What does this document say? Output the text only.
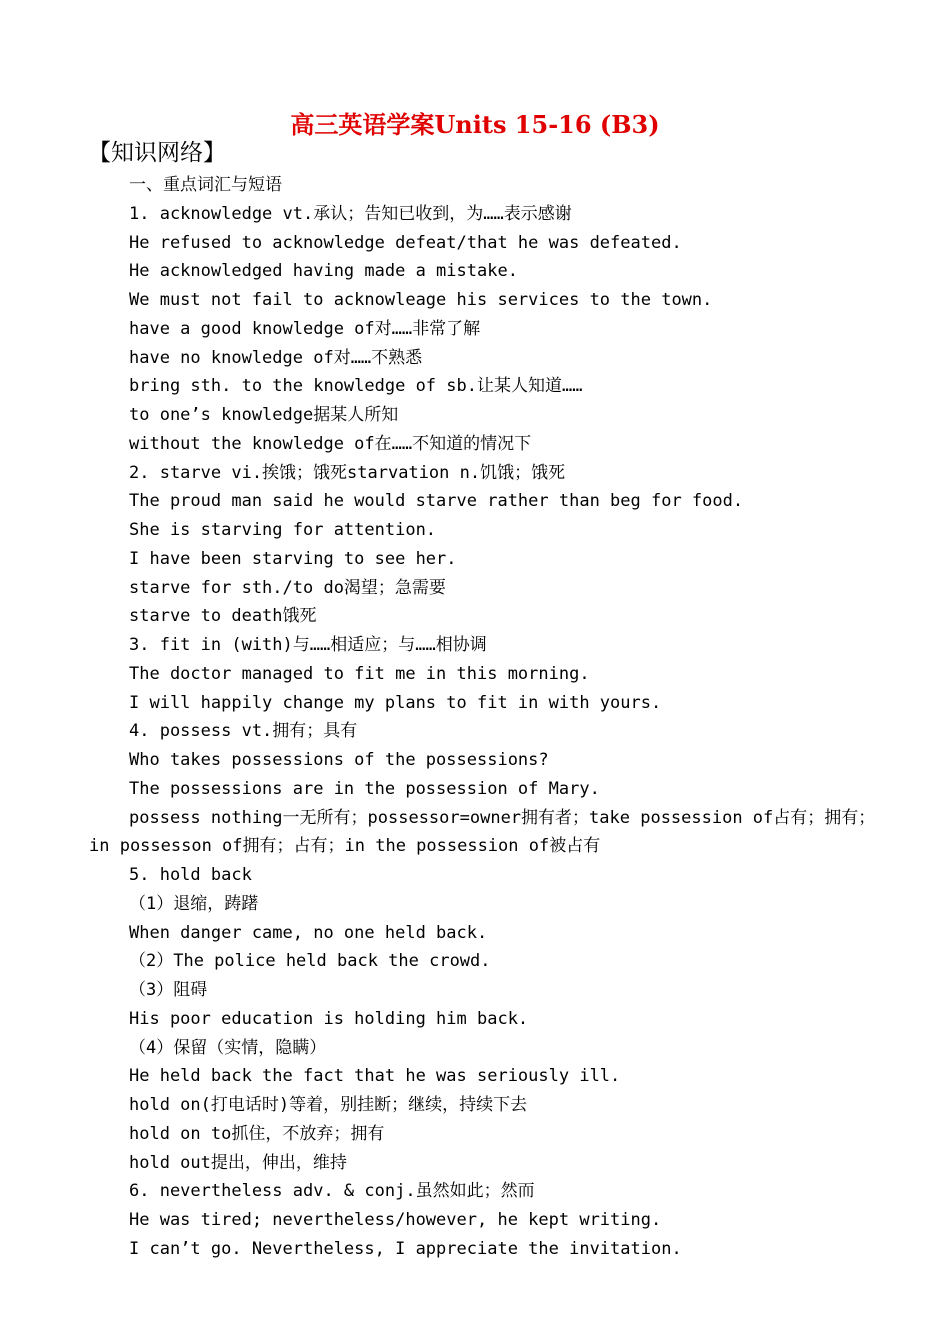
高三英语学案Units 15-16 (B3)
【知识网络】
一、重点词汇与短语
1. acknowledge vt.承认；告知已收到，为……表示感谢
He refused to acknowledge defeat/that he was defeated.
He acknowledged having made a mistake.
We must not fail to acknowleage his services to the town.
have a good knowledge of对……非常了解
have no knowledge of对……不熟悉
bring sth. to the knowledge of sb.让某人知道……
to one’s knowledge据某人所知
without the knowledge of在……不知道的情况下
2. starve vi.挨饿；饿死starvation n.饥饿；饿死
The proud man said he would starve rather than beg for food.
She is starving for attention.
I have been starving to see her.
starve for sth./to do渴望；急需要
starve to death饿死
3. fit in (with)与……相适应；与……相协调
The doctor managed to fit me in this morning.
I will happily change my plans to fit in with yours.
4. possess vt.拥有；具有
Who takes possessions of the possessions?
The possessions are in the possession of Mary.
possess nothing一无所有；possessor=owner拥有者；take possession of占有；拥有；
in possesson of拥有；占有；in the possession of被占有
5. hold back
（1）退缩，踌躇
When danger came, no one held back.
（2）The police held back the crowd.
（3）阻碍
His poor education is holding him back.
（4）保留（实情，隐瞒）
He held back the fact that he was seriously ill.
hold on(打电话时)等着，别挂断；继续，持续下去
hold on to抓住，不放弃；拥有
hold out提出，伸出，维持
6. nevertheless adv. & conj.虽然如此；然而
He was tired; nevertheless/however, he kept writing.
I can’t go. Nevertheless, I appreciate the invitation.
